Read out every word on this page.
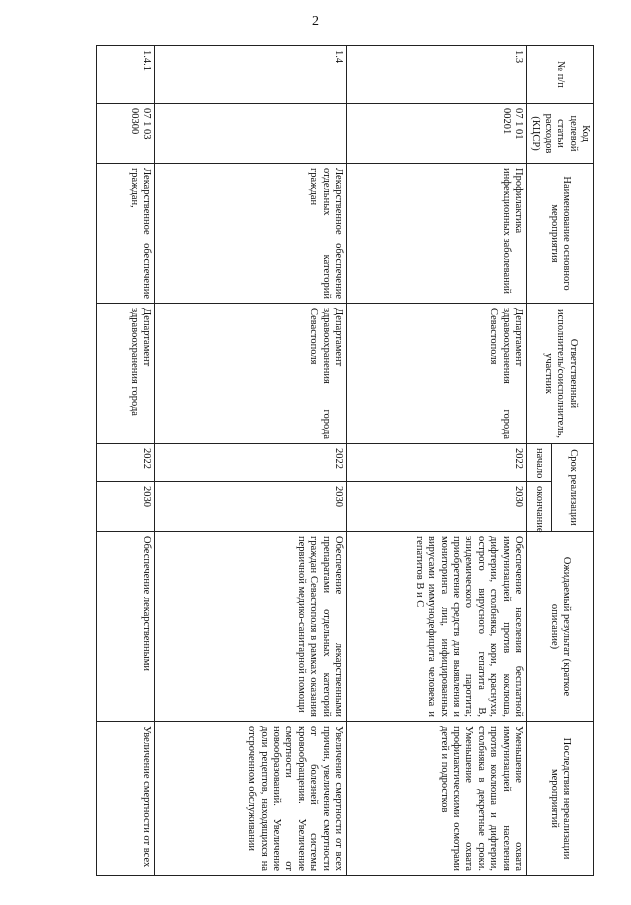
2
№ п/п	Код целевой статьи расходов (КЦСР)	Наименование основного мероприятия	Ответственный исполнитель/соисполнитель, участник	Срок реализации		Ожидаемый результат (краткое описание)	Последствия нереализации мероприятий
				начало	окончание		
1.3	07 1 01 00201	Профилактика инфекционных заболеваний	Департамент здравоохранения города Севастополя	2022	2030	Обеспечение населения бесплатной иммунизацией против коклюша, дифтерии, столбняка, кори, краснухи, острого вирусного гепатита В, эпидемического паротита; приобретение средств для выявления и мониторинга лиц, инфицированных вирусами иммунодефицита человека и гепатитов В и С	Уменьшение охвата иммунизацией населения против коклюша и дифтерии, столбняка в декретные сроки. Уменьшение охвата профилактическими осмотрами детей и подростков
1.4		Лекарственное обеспечение отдельных категорий граждан	Департамент здравоохранения города Севастополя	2022	2030	Обеспечение лекарственными препаратами отдельных категорий граждан Севастополя в рамках оказания первичной медико-санитарной помощи	Увеличение смертности от всех причин, увеличение смертности от болезней системы кровообращения. Увеличение смертности от новообразований. Увеличение доли рецептов, находящихся на отсроченном обслуживании
1.4.1	07 1 03 00300	Лекарственное обеспечение граждан,	Департамент здравоохранения города	2022	2030	Обеспечение лекарственными	Увеличение смертности от всех
